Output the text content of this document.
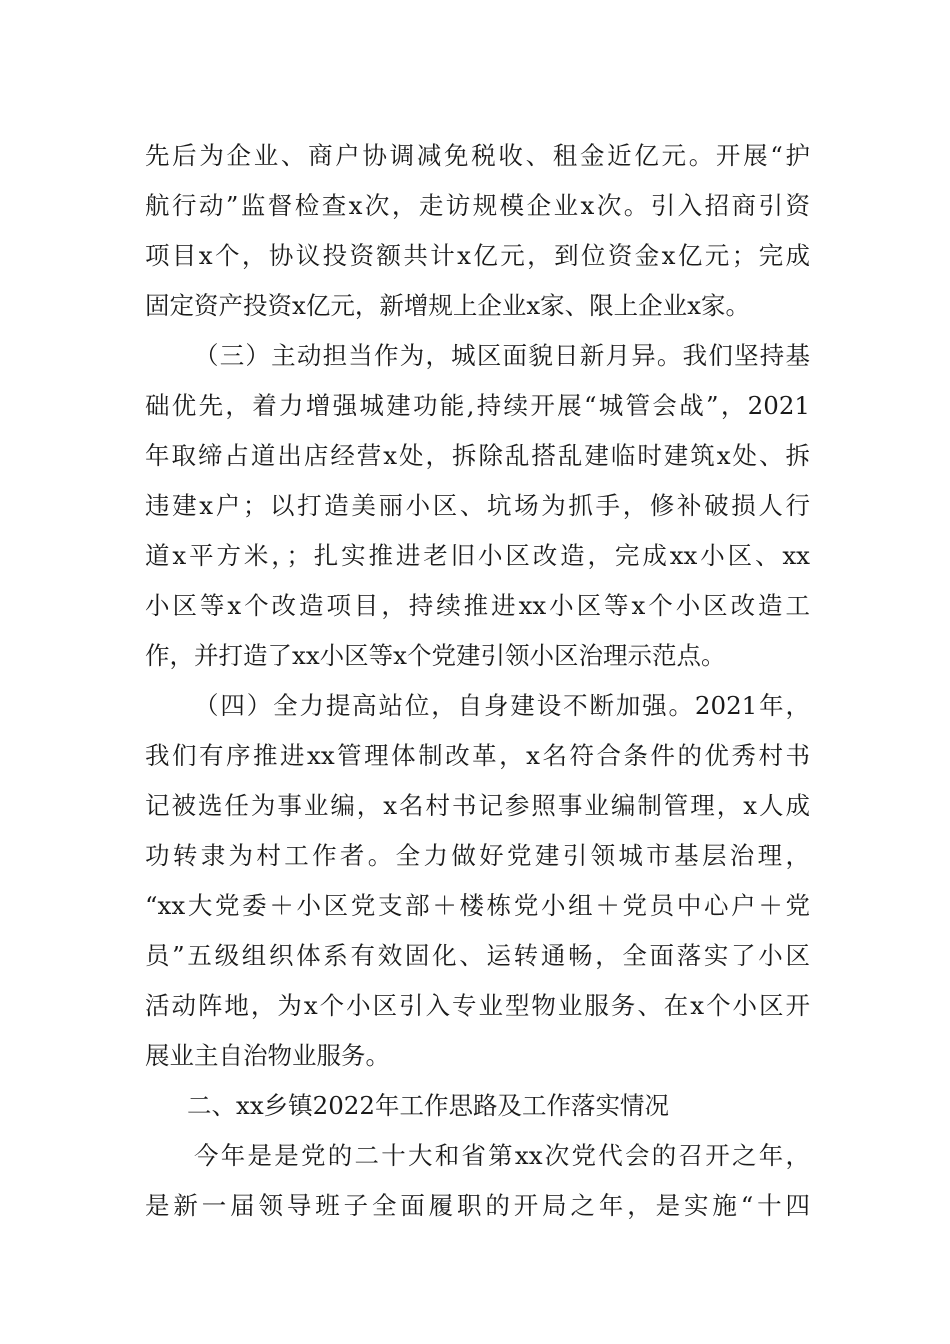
先后为企业、商户协调减免税收、租金近亿元。开展“护
航行动”监督检查x次，走访规模企业x次。引入招商引资
项目x个，协议投资额共计x亿元，到位资金x亿元；完成
固定资产投资x亿元，新增规上企业x家、限上企业x家。
（三）主动担当作为，城区面貌日新月异。我们坚持基
础优先，着力增强城建功能,持续开展“城管会战”，2021
年取缔占道出店经营x处，拆除乱搭乱建临时建筑x处、拆
违建x户；以打造美丽小区、坑场为抓手，修补破损人行
道x平方米，；扎实推进老旧小区改造，完成xx小区、xx
小区等x个改造项目，持续推进xx小区等x个小区改造工
作，并打造了xx小区等x个党建引领小区治理示范点。
（四）全力提高站位，自身建设不断加强。2021年，
我们有序推进xx管理体制改革，x名符合条件的优秀村书
记被选任为事业编，x名村书记参照事业编制管理，x人成
功转隶为村工作者。全力做好党建引领城市基层治理，
“xx大党委＋小区党支部＋楼栋党小组＋党员中心户＋党
员”五级组织体系有效固化、运转通畅，全面落实了小区
活动阵地，为x个小区引入专业型物业服务、在x个小区开
展业主自治物业服务。
二、xx乡镇2022年工作思路及工作落实情况
今年是是党的二十大和省第xx次党代会的召开之年，
是新一届领导班子全面履职的开局之年，是实施“十四
